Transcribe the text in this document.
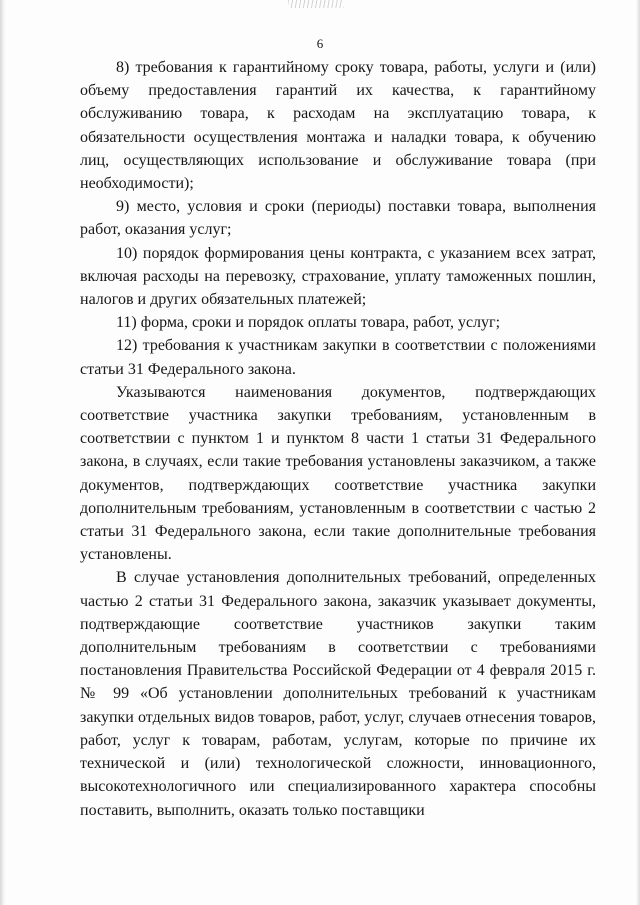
6

8) требования к гарантийному сроку товара, работы, услуги и (или) объему предоставления гарантий их качества, к гарантийному обслуживанию товара, к расходам на эксплуатацию товара, к обязательности осуществления монтажа и наладки товара, к обучению лиц, осуществляющих использование и обслуживание товара (при необходимости);

9) место, условия и сроки (периоды) поставки товара, выполнения работ, оказания услуг;

10) порядок формирования цены контракта, с указанием всех затрат, включая расходы на перевозку, страхование, уплату таможенных пошлин, налогов и других обязательных платежей;

11) форма, сроки и порядок оплаты товара, работ, услуг;

12) требования к участникам закупки в соответствии с положениями статьи 31 Федерального закона.

Указываются наименования документов, подтверждающих соответствие участника закупки требованиям, установленным в соответствии с пунктом 1 и пунктом 8 части 1 статьи 31 Федерального закона, в случаях, если такие требования установлены заказчиком, а также документов, подтверждающих соответствие участника закупки дополнительным требованиям, установленным в соответствии с частью 2 статьи 31 Федерального закона, если такие дополнительные требования установлены.

В случае установления дополнительных требований, определенных частью 2 статьи 31 Федерального закона, заказчик указывает документы, подтверждающие соответствие участников закупки таким дополнительным требованиям в соответствии с требованиями постановления Правительства Российской Федерации от 4 февраля 2015 г. № 99 «Об установлении дополнительных требований к участникам закупки отдельных видов товаров, работ, услуг, случаев отнесения товаров, работ, услуг к товарам, работам, услугам, которые по причине их технической и (или) технологической сложности, инновационного, высокотехнологичного или специализированного характера способны поставить, выполнить, оказать только поставщики
